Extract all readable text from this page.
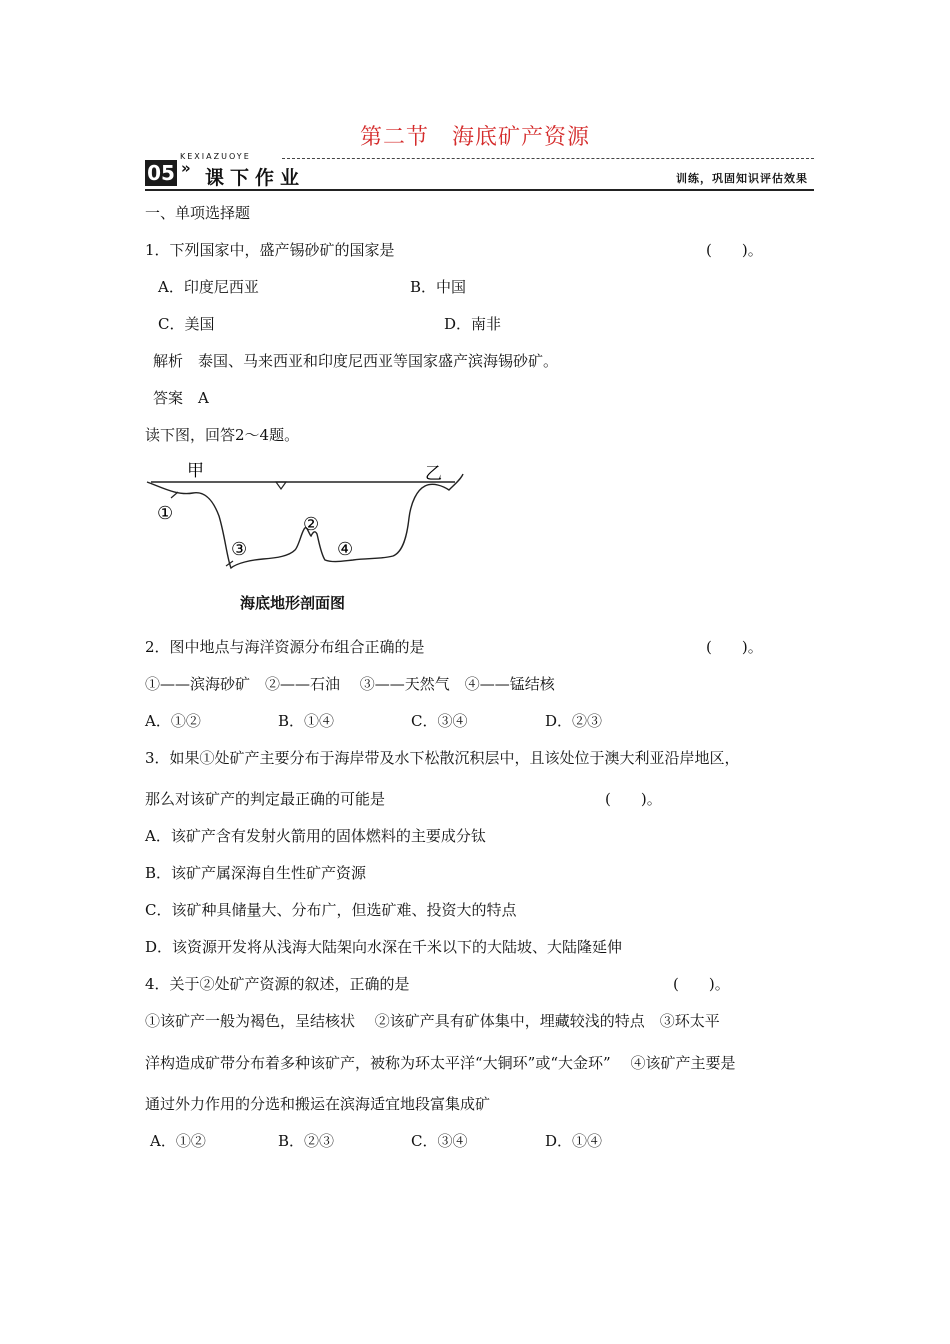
第二节　海底矿产资源
05 »
KEXIAZUOYE
课下作业	训练，巩固知识评估效果
一、单项选择题
1．下列国家中，盛产锡砂矿的国家是	(　　)。
A．印度尼西亚	B．中国
C．美国	D．南非
解析　泰国、马来西亚和印度尼西亚等国家盛产滨海锡砂矿。
答案　A
读下图，回答2～4题。
甲	乙
①
②
③	④
海底地形剖面图
2．图中地点与海洋资源分布组合正确的是	(　　)。
①——滨海砂矿　②——石油　 ③——天然气　④——锰结核
A．①②	B．①④	C．③④	D．②③
3．如果①处矿产主要分布于海岸带及水下松散沉积层中，且该处位于澳大利亚沿岸地区，
那么对该矿产的判定最正确的可能是	(　　)。
A．该矿产含有发射火箭用的固体燃料的主要成分钛
B．该矿产属深海自生性矿产资源
C．该矿种具储量大、分布广，但选矿难、投资大的特点
D．该资源开发将从浅海大陆架向水深在千米以下的大陆坡、大陆隆延伸
4．关于②处矿产资源的叙述，正确的是	(　　)。
①该矿产一般为褐色，呈结核状　 ②该矿产具有矿体集中，埋藏较浅的特点　③环太平
洋构造成矿带分布着多种该矿产，被称为环太平洋“大铜环”或“大金环”　 ④该矿产主要是
通过外力作用的分选和搬运在滨海适宜地段富集成矿
A．①②	B．②③	C．③④	D．①④
